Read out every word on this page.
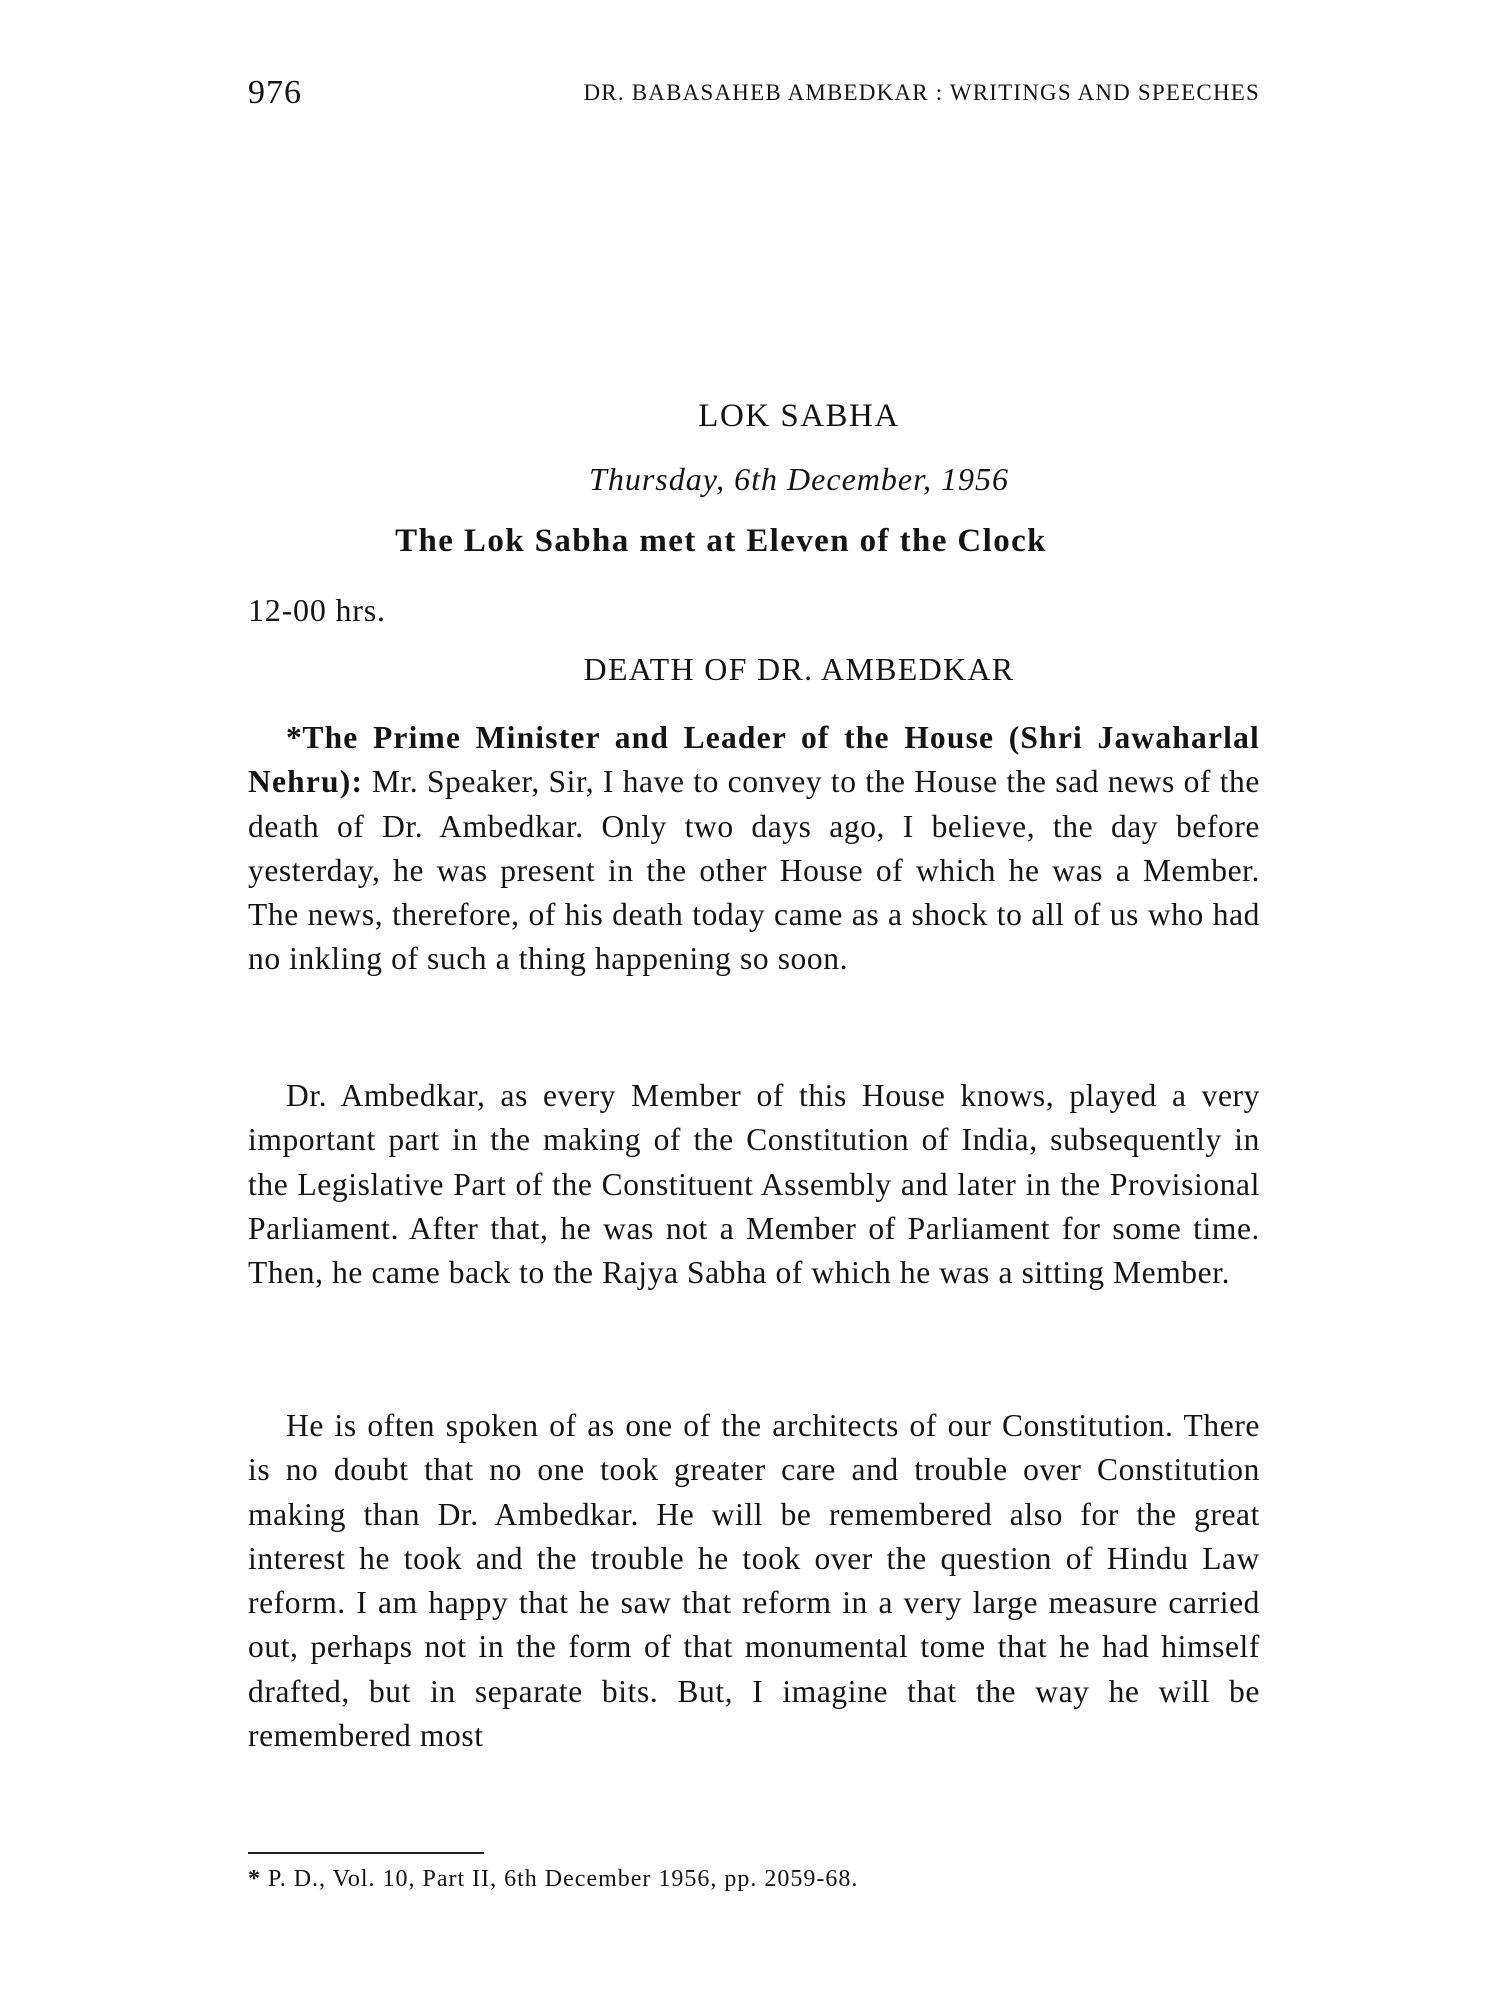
976	DR. BABASAHEB AMBEDKAR : WRITINGS AND SPEECHES
LOK SABHA
Thursday, 6th December, 1956
The Lok Sabha met at Eleven of the Clock
12-00 hrs.
DEATH OF DR. AMBEDKAR

*The Prime Minister and Leader of the House (Shri Jawaharlal Nehru): Mr. Speaker, Sir, I have to convey to the House the sad news of the death of Dr. Ambedkar. Only two days ago, I believe, the day before yesterday, he was present in the other House of which he was a Member. The news, therefore, of his death today came as a shock to all of us who had no inkling of such a thing happening so soon.

Dr. Ambedkar, as every Member of this House knows, played a very important part in the making of the Constitution of India, subsequently in the Legislative Part of the Constituent Assembly and later in the Provisional Parliament. After that, he was not a Member of Parliament for some time. Then, he came back to the Rajya Sabha of which he was a sitting Member.

He is often spoken of as one of the architects of our Constitution. There is no doubt that no one took greater care and trouble over Constitution making than Dr. Ambedkar. He will be remembered also for the great interest he took and the trouble he took over the question of Hindu Law reform. I am happy that he saw that reform in a very large measure carried out, perhaps not in the form of that monumental tome that he had himself drafted, but in separate bits. But, I imagine that the way he will be remembered most

* P. D., Vol. 10, Part II, 6th December 1956, pp. 2059-68.
